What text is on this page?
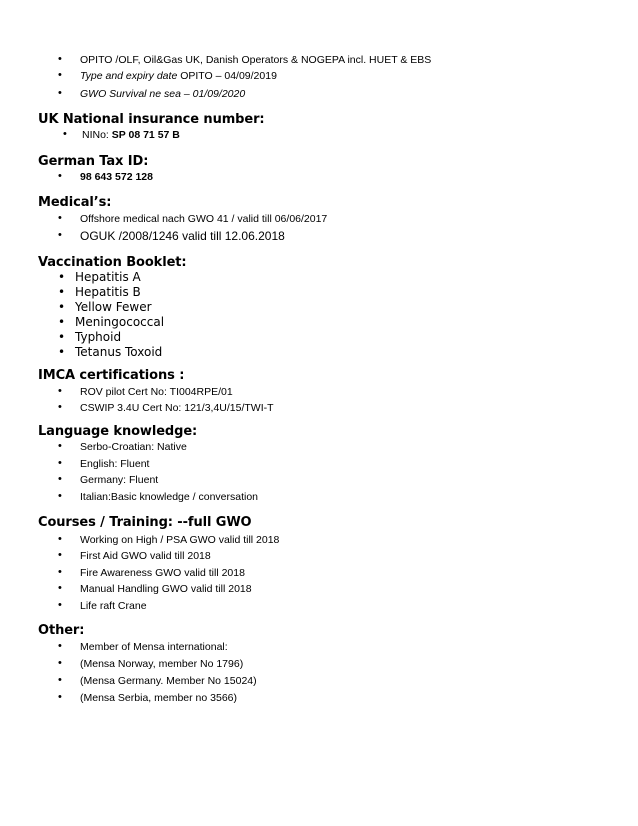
• OPITO /OLF, Oil&Gas UK, Danish Operators & NOGEPA incl. HUET & EBS
• Type and expiry date OPITO – 04/09/2019
• GWO Survival ne sea – 01/09/2020
UK National insurance number:
• NINo: SP 08 71 57 B
German Tax ID:
• 98 643 572 128
Medical’s:
• Offshore medical nach GWO 41 / valid till 06/06/2017
• OGUK /2008/1246 valid till 12.06.2018
Vaccination Booklet:
• Hepatitis A
• Hepatitis B
• Yellow Fewer
• Meningococcal
• Typhoid
• Tetanus Toxoid
IMCA certifications :
• ROV pilot Cert No: TI004RPE/01
• CSWIP 3.4U Cert No: 121/3,4U/15/TWI-T
Language knowledge:
• Serbo-Croatian: Native
• English: Fluent
• Germany: Fluent
• Italian:Basic knowledge / conversation
Courses / Training: --full GWO
• Working on High / PSA GWO valid till 2018
• First Aid GWO valid till 2018
• Fire Awareness GWO valid till 2018
• Manual Handling GWO valid till 2018
• Life raft Crane
Other:
• Member of Mensa international:
• (Mensa Norway, member No 1796)
• (Mensa Germany. Member No 15024)
• (Mensa Serbia, member no 3566)
